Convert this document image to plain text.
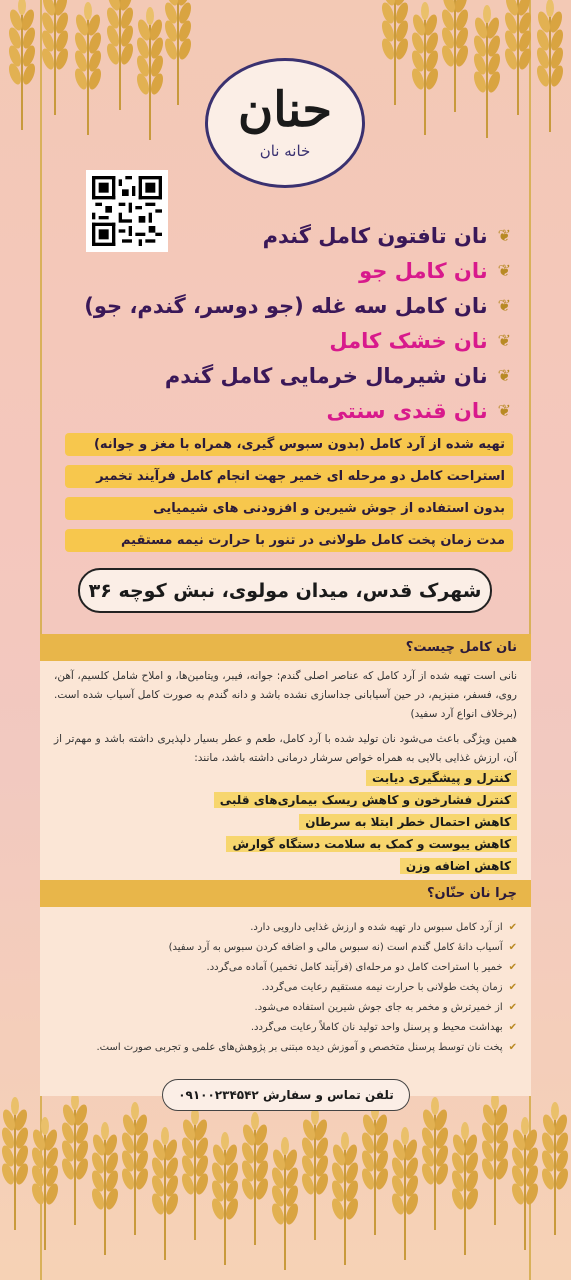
حنان
خانه نان
❦
نان تافتون کامل گندم
❦
نان کامل جو
❦
نان کامل سه غله (جو دوسر، گندم، جو)
❦
نان خشک کامل
❦
نان شیرمال خرمایی کامل گندم
❦
نان قندی سنتی
تهیه شده از آرد کامل (بدون سبوس گیری، همراه با مغز و جوانه)
استراحت کامل دو مرحله ای خمیر جهت انجام کامل فرآیند تخمیر
بدون استفاده از جوش شیرین و افزودنی های شیمیایی
مدت زمان پخت کامل طولانی در تنور با حرارت نیمه مستقیم
شهرک قدس، میدان مولوی، نبش کوچه ۳۶
نان کامل چیست؟

نانی است تهیه شده از آرد کامل که عناصر اصلی گندم: جوانه، فیبر، ویتامین‌ها، و املاح شامل کلسیم، آهن، روی، فسفر، منیزیم، در حین آسیابانی جداسازی نشده باشد و دانه گندم به صورت کامل آسیاب شده است. (برخلاف انواع آرد سفید)

همین ویژگی باعث می‌شود نان تولید شده با آرد کامل، طعم و عطر بسیار دلپذیری داشته باشد و مهم‌تر از آن، ارزش غذایی بالایی به همراه خواص سرشار درمانی داشته باشد، مانند:

کنترل و پیشگیری دیابت
کنترل فشارخون و کاهش ریسک بیماری‌های قلبی
کاهش احتمال خطر ابتلا به سرطان
کاهش یبوست و کمک به سلامت دستگاه گوارش
کاهش اضافه وزن
چرا نان حنّان؟
✔
از آرد کامل سبوس دار تهیه شده و ارزش غذایی دارویی دارد.
✔
آسیاب دانهٔ کامل گندم است (نه سبوس مالی و اضافه کردن سبوس به آرد سفید)
✔
خمیر با استراحت کامل دو مرحله‌ای (فرآیند کامل تخمیر) آماده می‌گردد.
✔
زمان پخت طولانی با حرارت نیمه مستقیم رعایت می‌گردد.
✔
از خمیرترش و مخمر به جای جوش شیرین استفاده می‌شود.
✔
بهداشت محیط و پرسنل واحد تولید نان کاملاً رعایت می‌گردد.
✔
پخت نان توسط پرسنل متخصص و آموزش دیده مبتنی بر پژوهش‌های علمی و تجربی صورت است.
تلفن تماس و سفارش ۰۹۱۰۰۲۳۴۵۴۲
